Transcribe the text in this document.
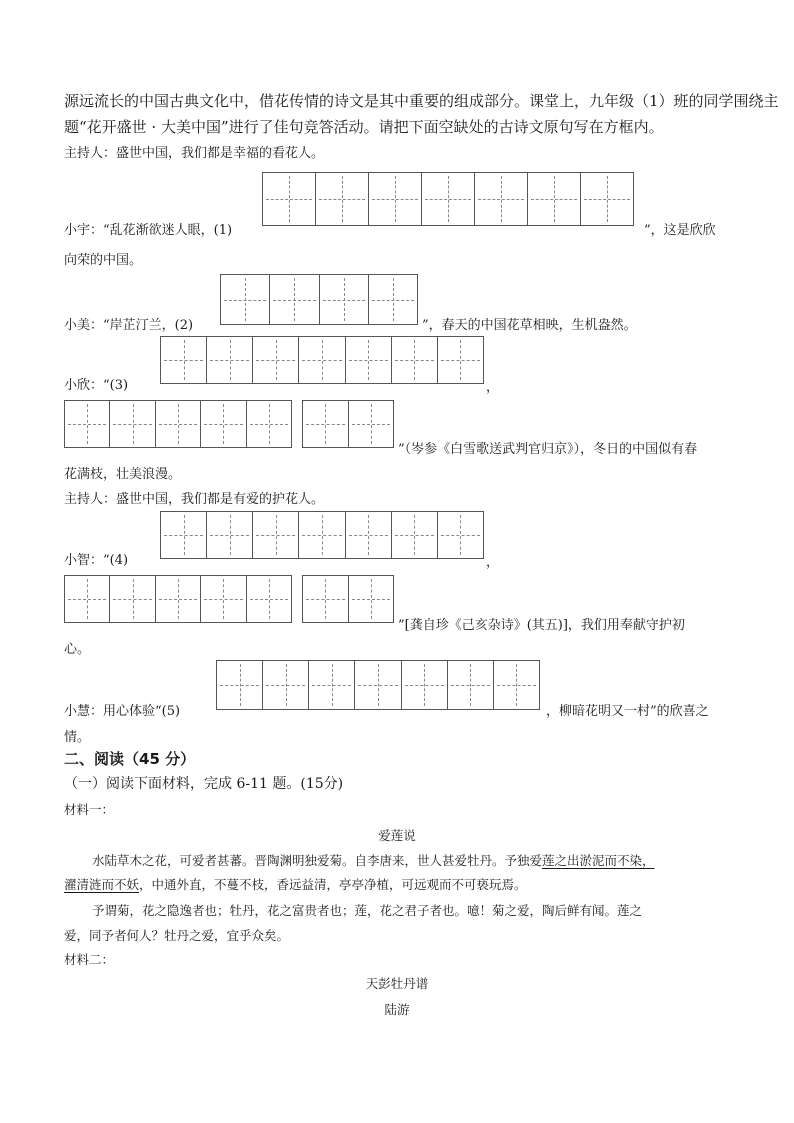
源远流长的中国古典文化中，借花传情的诗文是其中重要的组成部分。课堂上，九年级（1）班的同学围绕主
题“花开盛世 · 大美中国”进行了佳句竞答活动。请把下面空缺处的古诗文原句写在方框内。
主持人：盛世中国，我们都是幸福的看花人。
小宇：“乱花渐欲迷人眼，(1)	”，这是欣欣
向荣的中国。
小美：“岸芷汀兰，(2)	”，春天的中国花草相映，生机盎然。
小欣：“(3)	，
”（岑参《白雪歌送武判官归京》），冬日的中国似有春
花满枝，壮美浪漫。
主持人：盛世中国，我们都是有爱的护花人。
小智：“(4)	，
”[龚自珍《己亥杂诗》(其五)]，我们用奉献守护初
心。
小慧：用心体验“(5)	，柳暗花明又一村”的欣喜之
情。
二、阅读（45 分）
（一）阅读下面材料，完成 6-11 题。(15分)
材料一：
爱莲说
水陆草木之花，可爱者甚蕃。晋陶渊明独爱菊。自李唐来，世人甚爱牡丹。予独爱莲之出淤泥而不染，
濯清涟而不妖，中通外直，不蔓不枝，香远益清，亭亭净植，可远观而不可亵玩焉。
予谓菊，花之隐逸者也；牡丹，花之富贵者也；莲，花之君子者也。噫！菊之爱，陶后鲜有闻。莲之
爱，同予者何人？牡丹之爱，宜乎众矣。
材料二：
天彭牡丹谱
陆游
